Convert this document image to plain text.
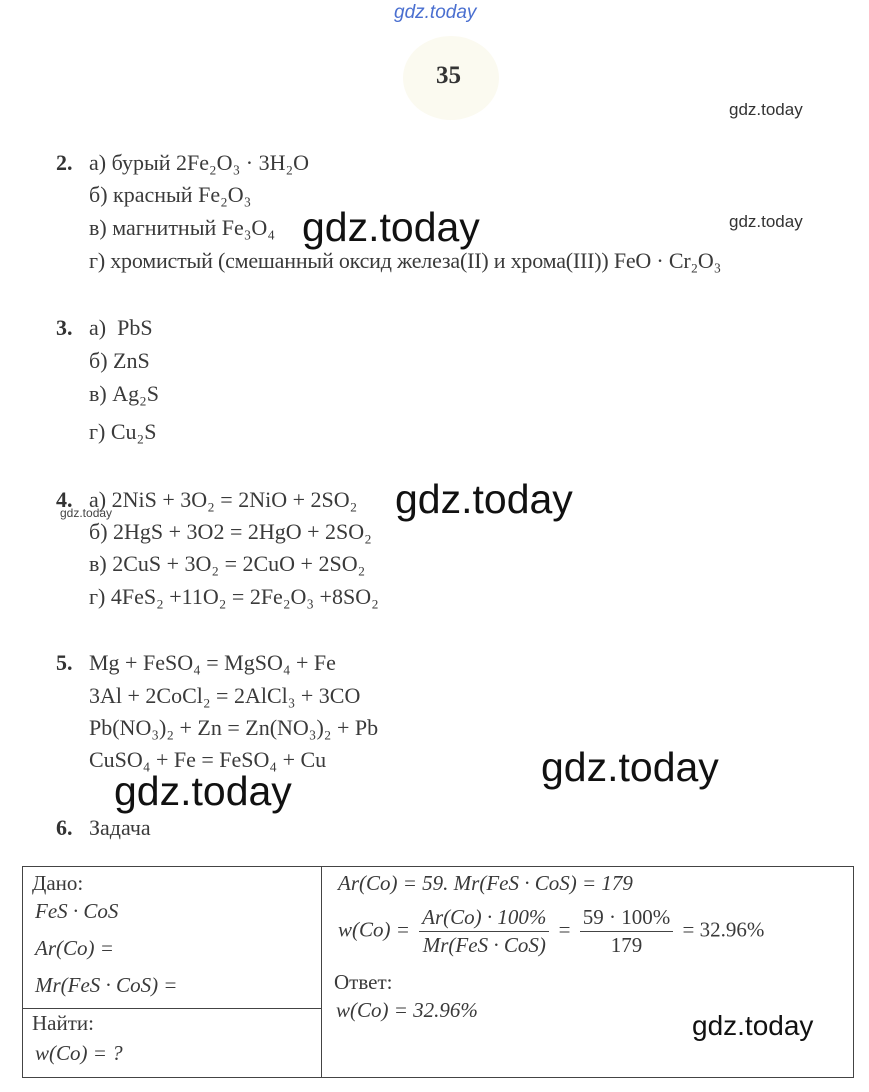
gdz.today
35
gdz.today
gdz.today
2. а) бурый 2Fe₂O₃ · 3H₂O
б) красный Fe₂O₃
в) магнитный Fe₃O₄
г) хромистый (смешанный оксид железа(II) и хрома(III)) FeO · Cr₂O₃
gdz.today
3. а) PbS
б) ZnS
в) Ag₂S
г) Cu₂S
4. а) 2NiS + 3O₂ = 2NiO + 2SO₂
б) 2HgS + 3O2 = 2HgO + 2SO₂
в) 2CuS + 3O₂ = 2CuO + 2SO₂
г) 4FeS₂ +11O₂ = 2Fe₂O₃ +8SO₂
gdz.today	gdz.today
5. Mg + FeSO₄ = MgSO₄ + Fe
3Al + 2CoCl₂ = 2AlCl₃ + 3CO
Pb(NO₃)₂ + Zn = Zn(NO₃)₂ + Pb
CuSO₄ + Fe = FeSO₄ + Cu	gdz.today
gdz.today
6. Задача
Дано:
FeS · CoS
Ar(Co) =
Mr(FeS · CoS) =

Ar(Co) = 59. Mr(FeS · CoS) = 179
$w(Co) = \frac{Ar(Co) \cdot 100\%}{\text{Mr(FeS · CoS)}} = \frac{59 \cdot 100\%}{179} = 32.96\%$
Ответ:
w(Co) = 32.96%

Найти:
w(Co) = ?
gdz.today
